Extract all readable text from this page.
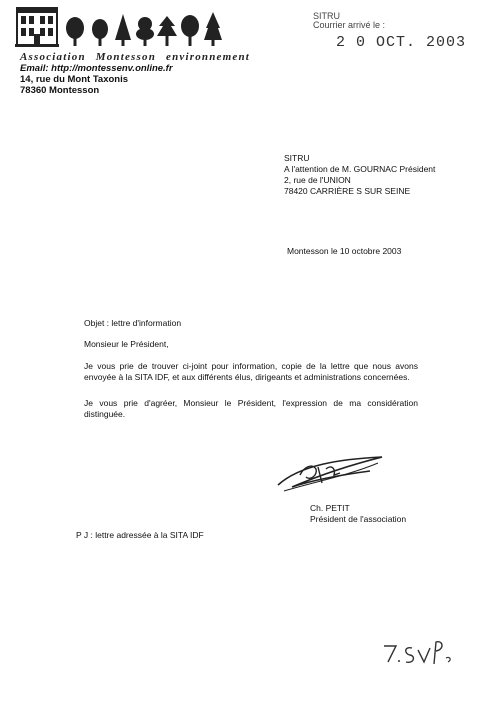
Association Montesson environnement
Email: http://montessenv.online.fr
14, rue du Mont Taxonis
78360 Montesson
SITRU
Courrier arrivé le :
2 0 OCT. 2003
SITRU
A l'attention de M. GOURNAC Président
2, rue de l'UNION
78420 CARRIÈRE S SUR SEINE
Montesson le 10 octobre 2003
Objet : lettre d'information
Monsieur le Président,
Je vous prie de trouver ci-joint pour information, copie de la lettre que nous avons envoyée à la SITA IDF, et aux différents élus, dirigeants et administrations concernées.
Je vous prie d'agréer, Monsieur le Président, l'expression de ma considération distinguée.
Ch. PETIT
Président de l'association
P J : lettre adressée à la SITA IDF
